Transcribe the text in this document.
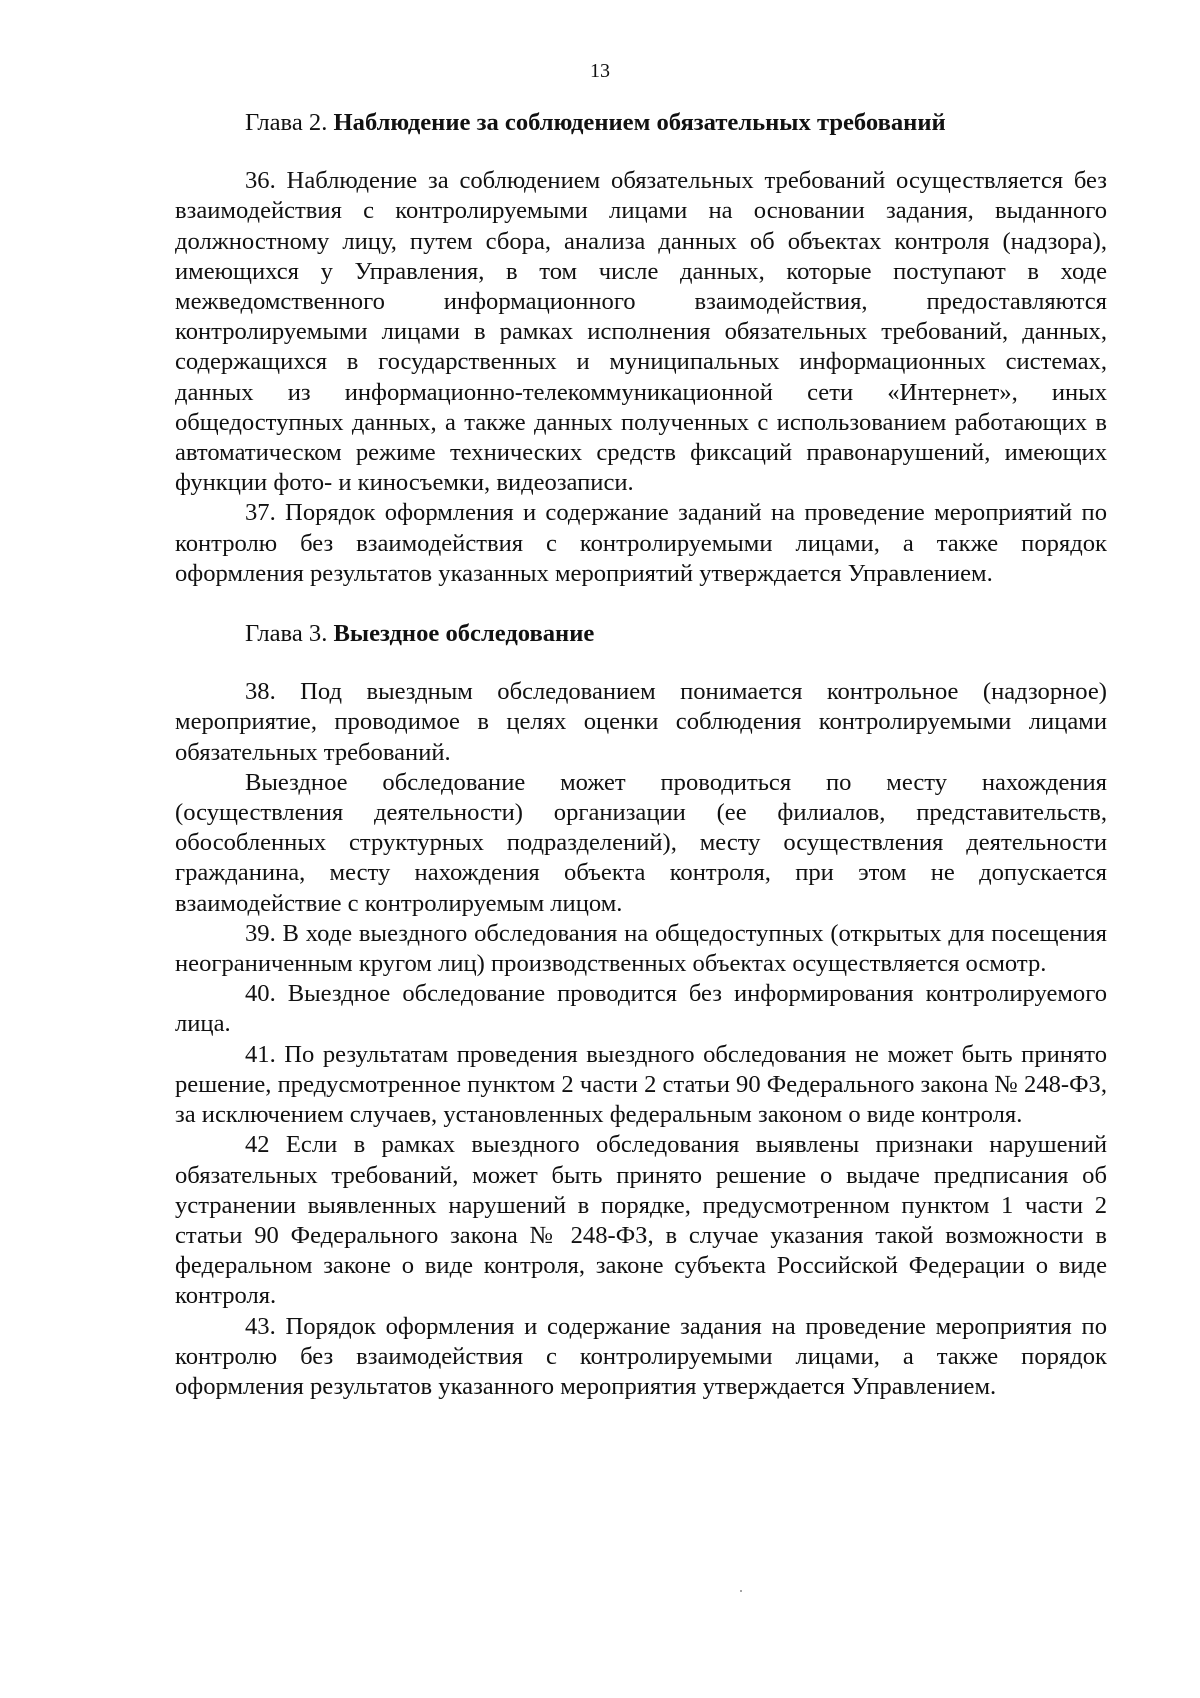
13
Глава 2. Наблюдение за соблюдением обязательных требований

36. Наблюдение за соблюдением обязательных требований осуществляется без взаимодействия с контролируемыми лицами на основании задания, выданного должностному лицу, путем сбора, анализа данных об объектах контроля (надзора), имеющихся у Управления, в том числе данных, которые поступают в ходе межведомственного информационного взаимодействия, предоставляются контролируемыми лицами в рамках исполнения обязательных требований, данных, содержащихся в государственных и муниципальных информационных системах, данных из информационно-телекоммуникационной сети «Интернет», иных общедоступных данных, а также данных полученных с использованием работающих в автоматическом режиме технических средств фиксаций правонарушений, имеющих функции фото- и киносъемки, видеозаписи.

37. Порядок оформления и содержание заданий на проведение мероприятий по контролю без взаимодействия с контролируемыми лицами, а также порядок оформления результатов указанных мероприятий утверждается Управлением.

Глава 3. Выездное обследование

38. Под выездным обследованием понимается контрольное (надзорное) мероприятие, проводимое в целях оценки соблюдения контролируемыми лицами обязательных требований.

Выездное обследование может проводиться по месту нахождения (осуществления деятельности) организации (ее филиалов, представительств, обособленных структурных подразделений), месту осуществления деятельности гражданина, месту нахождения объекта контроля, при этом не допускается взаимодействие с контролируемым лицом.

39. В ходе выездного обследования на общедоступных (открытых для посещения неограниченным кругом лиц) производственных объектах осуществляется осмотр.

40. Выездное обследование проводится без информирования контролируемого лица.

41. По результатам проведения выездного обследования не может быть принято решение, предусмотренное пунктом 2 части 2 статьи 90 Федерального закона № 248-ФЗ, за исключением случаев, установленных федеральным законом о виде контроля.

42 Если в рамках выездного обследования выявлены признаки нарушений обязательных требований, может быть принято решение о выдаче предписания об устранении выявленных нарушений в порядке, предусмотренном пунктом 1 части 2 статьи 90 Федерального закона № 248-ФЗ, в случае указания такой возможности в федеральном законе о виде контроля, законе субъекта Российской Федерации о виде контроля.

43. Порядок оформления и содержание задания на проведение мероприятия по контролю без взаимодействия с контролируемыми лицами, а также порядок оформления результатов указанного мероприятия утверждается Управлением.
